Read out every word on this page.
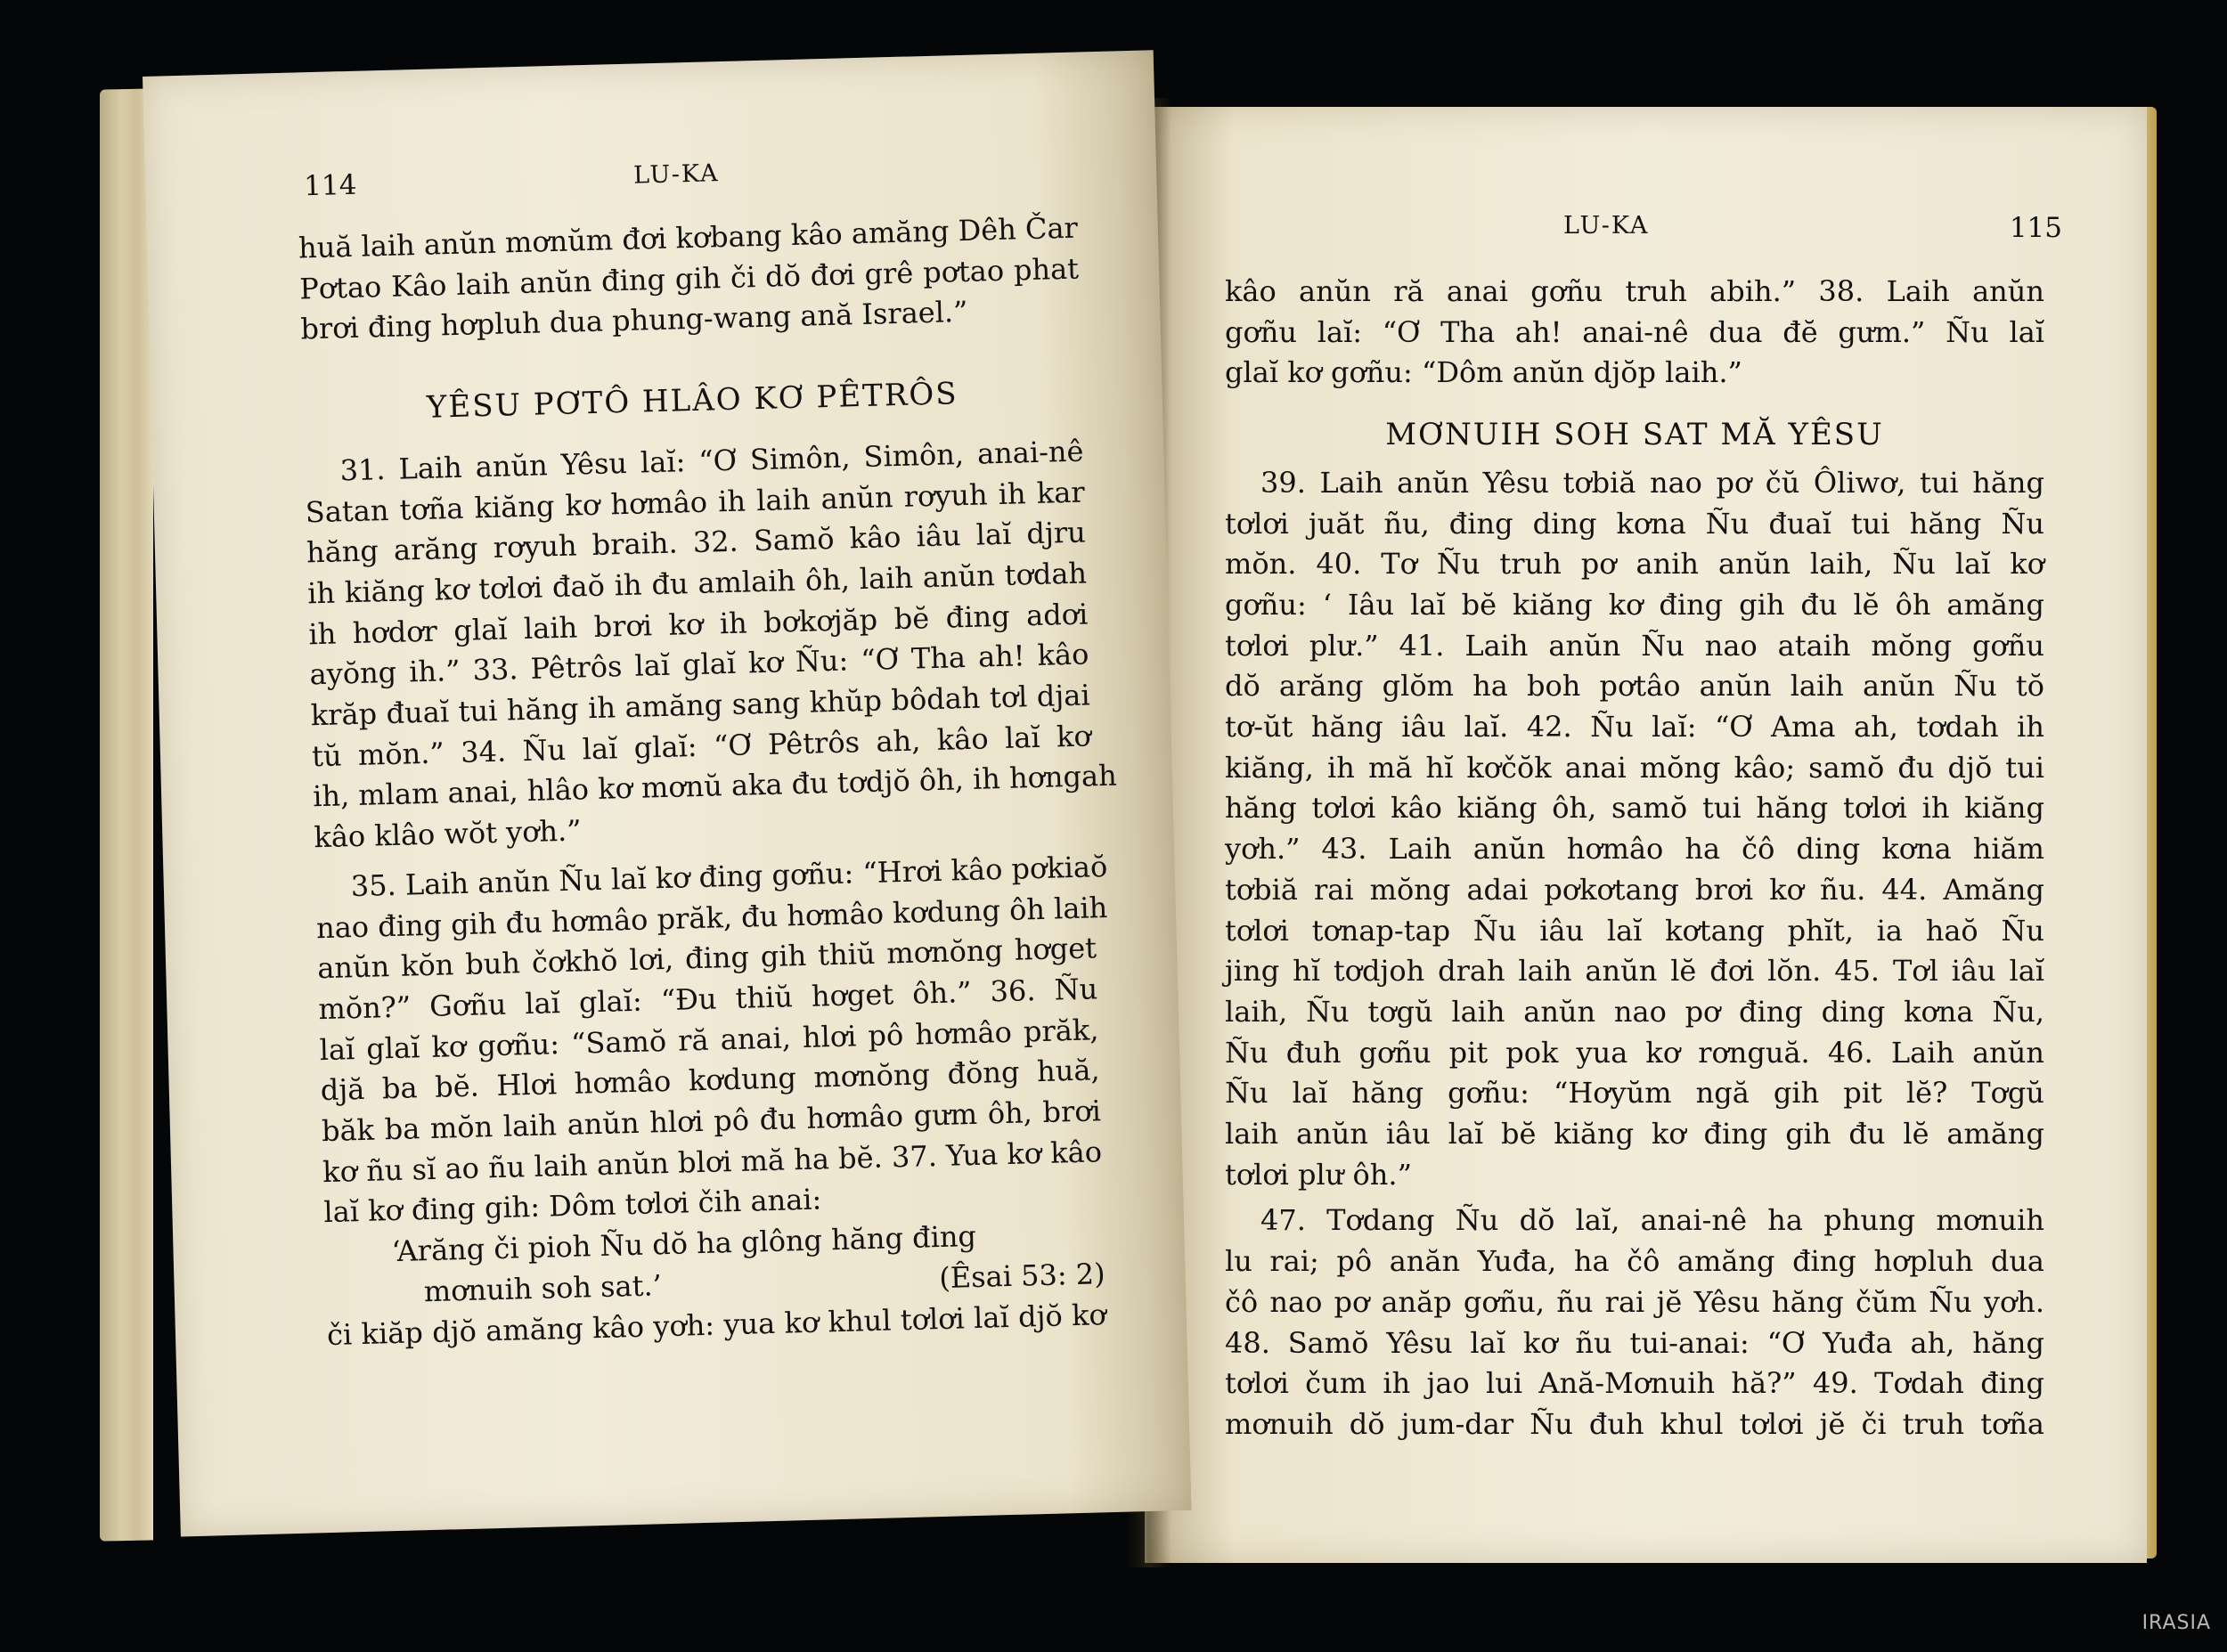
LU-KA	115
kâo anŭn ră anai gơñu truh abih.” 38. Laih anŭn
gơñu laĭ: “Ơ Tha ah! anai-nê dua đĕ gưm.” Ñu laĭ
glaĭ kơ gơñu: “Dôm anŭn djŏp laih.”
MƠNUIH SOH SAT MĂ YÊSU
39. Laih anŭn Yêsu tơbiă nao pơ čŭ Ôliwơ, tui hăng
tơlơi juăt ñu, đing ding kơna Ñu đuaĭ tui hăng Ñu
mŏn. 40. Tơ Ñu truh pơ anih anŭn laih, Ñu laĭ kơ
gơñu: ‘ Iâu laĭ bĕ kiăng kơ đing gih đu lĕ ôh amăng
tơlơi plư.” 41. Laih anŭn Ñu nao ataih mŏng gơñu
dŏ arăng glŏm ha boh pơtâo anŭn laih anŭn Ñu tŏ
tơ-ŭt hăng iâu laĭ. 42. Ñu laĭ: “Ơ Ama ah, tơdah ih
kiăng, ih mă hĭ kơčŏk anai mŏng kâo; samŏ đu djŏ tui
hăng tơlơi kâo kiăng ôh, samŏ tui hăng tơlơi ih kiăng
yơh.” 43. Laih anŭn hơmâo ha čô ding kơna hiăm
tơbiă rai mŏng adai pơkơtang brơi kơ ñu. 44. Amăng
tơlơi tơnap-tap Ñu iâu laĭ kơtang phĭt, ia haŏ Ñu
jing hĭ tơdjoh drah laih anŭn lĕ đơi lŏn. 45. Tơl iâu laĭ
laih, Ñu tơgŭ laih anŭn nao pơ đing ding kơna Ñu,
Ñu đuh gơñu pit pok yua kơ rơnguă. 46. Laih anŭn
Ñu laĭ hăng gơñu: “Hơyŭm ngă gih pit lĕ? Tơgŭ
laih anŭn iâu laĭ bĕ kiăng kơ đing gih đu lĕ amăng
tơlơi plư ôh.”
47. Tơdang Ñu dŏ laĭ, anai-nê ha phung mơnuih
lu rai; pô anăn Yuđa, ha čô amăng đing hơpluh dua
čô nao pơ anăp gơñu, ñu rai jĕ Yêsu hăng čŭm Ñu yơh.
48. Samŏ Yêsu laĭ kơ ñu tui-anai: “Ơ Yuđa ah, hăng
tơlơi čum ih jao lui Ană-Mơnuih hă?” 49. Tơdah đing
mơnuih dŏ jum-dar Ñu đuh khul tơlơi jĕ či truh tơña
114	LU-KA
huă laih anŭn mơnŭm đơi kơbang kâo amăng Dêh Čar
Pơtao Kâo laih anŭn đing gih či dŏ đơi grê pơtao phat
brơi đing hơpluh dua phung-wang ană Israel.”
YÊSU PƠTÔ HLÂO KƠ PÊTRÔS
31. Laih anŭn Yêsu laĭ: “Ơ Simôn, Simôn, anai-nê
Satan tơña kiăng kơ hơmâo ih laih anŭn rơyuh ih kar
hăng arăng rơyuh braih. 32. Samŏ kâo iâu laĭ djru
ih kiăng kơ tơlơi đaŏ ih đu amlaih ôh, laih anŭn tơdah
ih hơdơr glaĭ laih brơi kơ ih bơkơjăp bĕ đing adơi
ayŏng ih.” 33. Pêtrôs laĭ glaĭ kơ Ñu: “Ơ Tha ah! kâo
krăp đuaĭ tui hăng ih amăng sang khŭp bôdah tơl djai
tŭ mŏn.” 34. Ñu laĭ glaĭ: “Ơ Pêtrôs ah, kâo laĭ kơ
ih, mlam anai, hlâo kơ mơnŭ aka đu tơdjŏ ôh, ih hơngah
kâo klâo wŏt yơh.”
35. Laih anŭn Ñu laĭ kơ đing gơñu: “Hrơi kâo pơkiaŏ
nao đing gih đu hơmâo prăk, đu hơmâo kơdung ôh laih
anŭn kŏn buh čơkhŏ lơi, đing gih thiŭ mơnŏng hơget
mŏn?” Gơñu laĭ glaĭ: “Đu thiŭ hơget ôh.” 36. Ñu
laĭ glaĭ kơ gơñu: “Samŏ ră anai, hlơi pô hơmâo prăk,
djă ba bĕ. Hlơi hơmâo kơdung mơnŏng đŏng huă,
băk ba mŏn laih anŭn hlơi pô đu hơmâo gưm ôh, brơi
kơ ñu sĭ ao ñu laih anŭn blơi mă ha bĕ. 37. Yua kơ kâo
laĭ kơ đing gih: Dôm tơlơi čih anai:
‘Arăng či pioh Ñu dŏ ha glông hăng đing
mơnuih soh sat.’	(Êsai 53: 2)
či kiăp djŏ amăng kâo yơh: yua kơ khul tơlơi laĭ djŏ kơ
IRASIA
